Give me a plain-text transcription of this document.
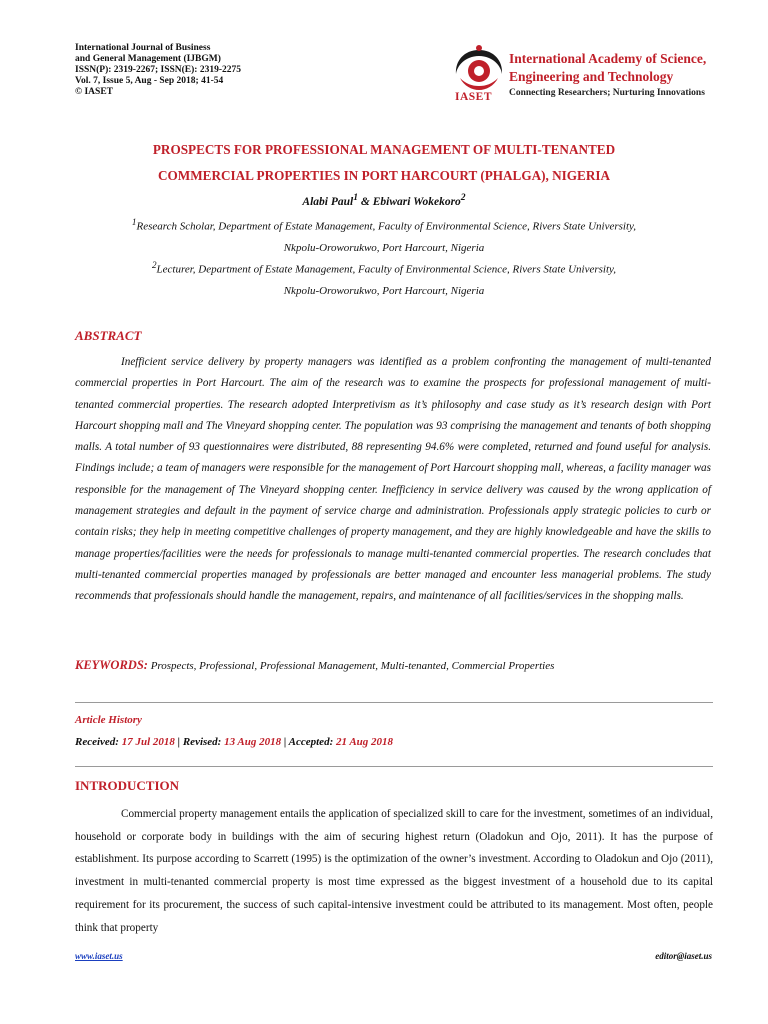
International Journal of Business
and General Management (IJBGM)
ISSN(P): 2319-2267; ISSN(E): 2319-2275
Vol. 7, Issue 5, Aug - Sep 2018; 41-54
© IASET	IASET
International Academy of Science,
Engineering and Technology
Connecting Researchers; Nurturing Innovations
PROSPECTS FOR PROFESSIONAL MANAGEMENT OF MULTI-TENANTED
COMMERCIAL PROPERTIES IN PORT HARCOURT (PHALGA), NIGERIA
Alabi Paul$^1$ & Ebiwari Wokekoro$^2$
$^1$Research Scholar, Department of Estate Management, Faculty of Environmental Science, Rivers State University,
Nkpolu-Oroworukwo, Port Harcourt, Nigeria
$^2$Lecturer, Department of Estate Management, Faculty of Environmental Science, Rivers State University,
Nkpolu-Oroworukwo, Port Harcourt, Nigeria
ABSTRACT

Inefficient service delivery by property managers was identified as a problem confronting the management of multi-tenanted commercial properties in Port Harcourt. The aim of the research was to examine the prospects for professional management of multi-tenanted commercial properties. The research adopted Interpretivism as it’s philosophy and case study as it’s research design with Port Harcourt shopping mall and The Vineyard shopping center. The population was 93 comprising the management and tenants of both shopping malls. A total number of 93 questionnaires were distributed, 88 representing 94.6% were completed, returned and found useful for analysis. Findings include; a team of managers were responsible for the management of Port Harcourt shopping mall, whereas, a facility manager was responsible for the management of The Vineyard shopping center. Inefficiency in service delivery was caused by the wrong application of management strategies and default in the payment of service charge and administration. Professionals apply strategic policies to curb or contain risks; they help in meeting competitive challenges of property management, and they are highly knowledgeable and have the skills to manage properties/facilities were the needs for professionals to manage multi-tenanted commercial properties. The research concludes that multi-tenanted commercial properties managed by professionals are better managed and encounter less managerial problems. The study recommends that professionals should handle the management, repairs, and maintenance of all facilities/services in the shopping malls.

KEYWORDS: Prospects, Professional, Professional Management, Multi-tenanted, Commercial Properties
Article History
Received: 17 Jul 2018 | Revised: 13 Aug 2018 | Accepted: 21 Aug 2018
INTRODUCTION

Commercial property management entails the application of specialized skill to care for the investment, sometimes of an individual, household or corporate body in buildings with the aim of securing highest return (Oladokun and Ojo, 2011). It has the purpose of establishment. Its purpose according to Scarrett (1995) is the optimization of the owner’s investment. According to Oladokun and Ojo (2011), investment in multi-tenanted commercial property is most time expressed as the biggest investment of a household due to its capital requirement for its procurement, the success of such capital-intensive investment could be attributed to its management. Most often, people think that property

www.iaset.us	editor@iaset.us
